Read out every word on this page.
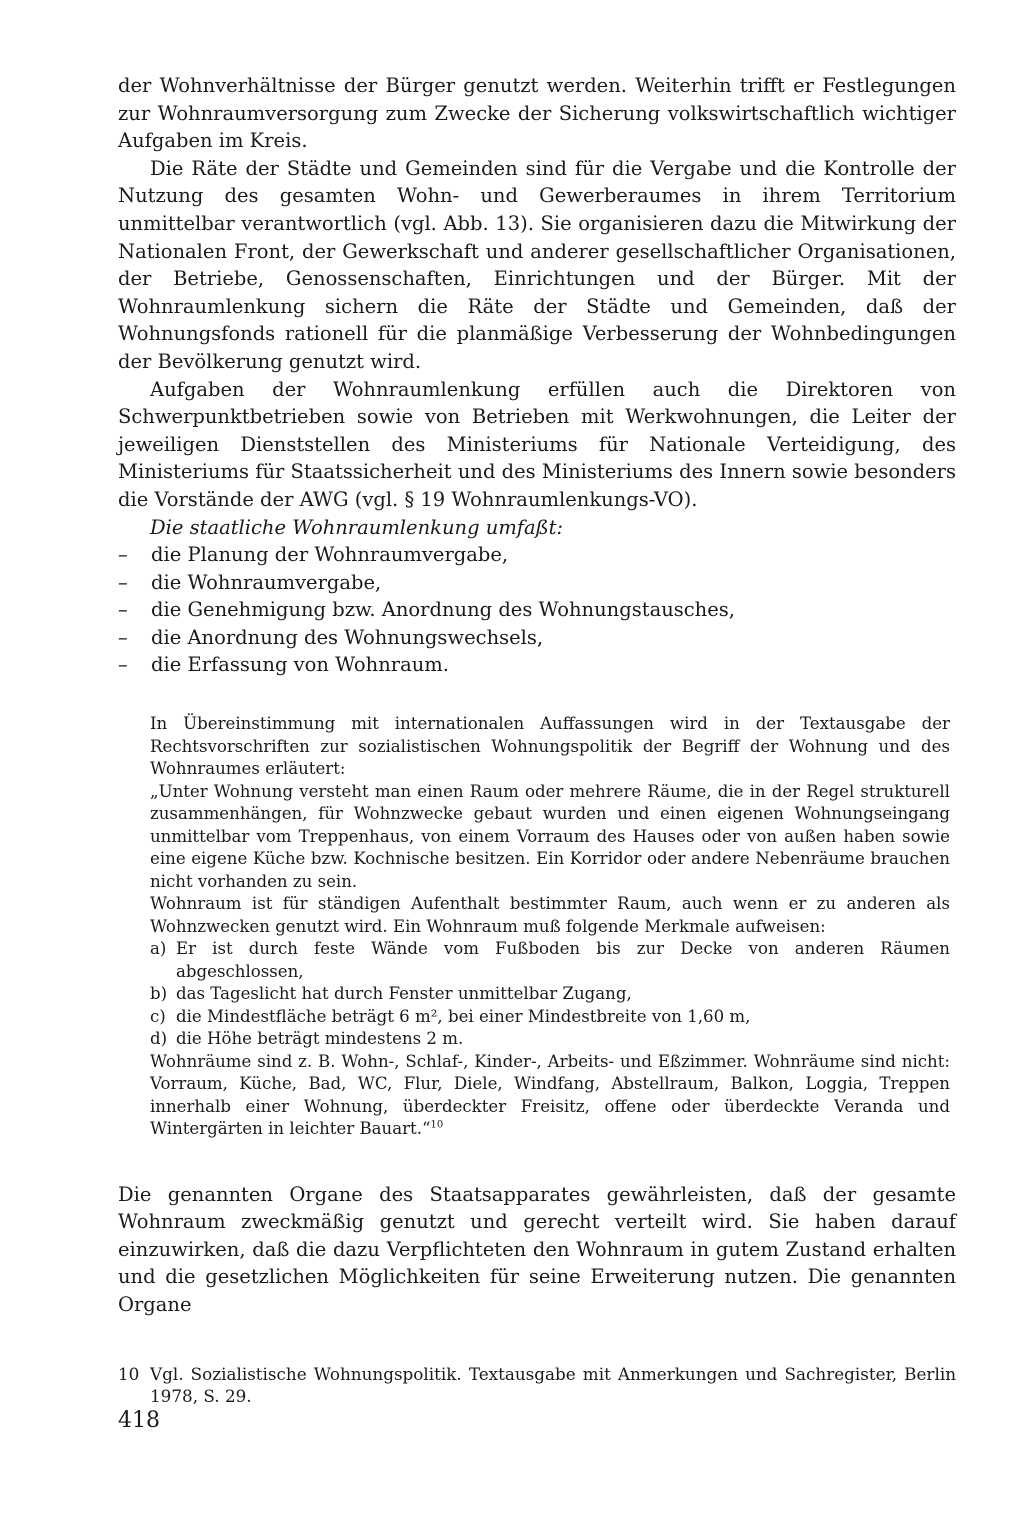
der Wohnverhältnisse der Bürger genutzt werden. Weiterhin trifft er Festlegungen zur Wohnraumversorgung zum Zwecke der Sicherung volkswirtschaftlich wichtiger Aufgaben im Kreis.

Die Räte der Städte und Gemeinden sind für die Vergabe und die Kontrolle der Nutzung des gesamten Wohn- und Gewerberaumes in ihrem Territorium unmittelbar verantwortlich (vgl. Abb. 13). Sie organisieren dazu die Mitwirkung der Nationalen Front, der Gewerkschaft und anderer gesellschaftlicher Organisationen, der Betriebe, Genossenschaften, Einrichtungen und der Bürger. Mit der Wohnraumlenkung sichern die Räte der Städte und Gemeinden, daß der Wohnungsfonds rationell für die planmäßige Verbesserung der Wohnbedingungen der Bevölkerung genutzt wird.

Aufgaben der Wohnraumlenkung erfüllen auch die Direktoren von Schwerpunktbetrieben sowie von Betrieben mit Werkwohnungen, die Leiter der jeweiligen Dienststellen des Ministeriums für Nationale Verteidigung, des Ministeriums für Staatssicherheit und des Ministeriums des Innern sowie besonders die Vorstände der AWG (vgl. § 19 Wohnraumlenkungs-VO).

Die staatliche Wohnraumlenkung umfaßt:

– die Planung der Wohnraumvergabe,
– die Wohnraumvergabe,
– die Genehmigung bzw. Anordnung des Wohnungstausches,
– die Anordnung des Wohnungswechsels,
– die Erfassung von Wohnraum.

In Übereinstimmung mit internationalen Auffassungen wird in der Textausgabe der Rechtsvorschriften zur sozialistischen Wohnungspolitik der Begriff der Wohnung und des Wohnraumes erläutert:

„Unter Wohnung versteht man einen Raum oder mehrere Räume, die in der Regel strukturell zusammenhängen, für Wohnzwecke gebaut wurden und einen eigenen Wohnungseingang unmittelbar vom Treppenhaus, von einem Vorraum des Hauses oder von außen haben sowie eine eigene Küche bzw. Kochnische besitzen. Ein Korridor oder andere Nebenräume brauchen nicht vorhanden zu sein.

Wohnraum ist für ständigen Aufenthalt bestimmter Raum, auch wenn er zu anderen als Wohnzwecken genutzt wird. Ein Wohnraum muß folgende Merkmale aufweisen:

a) Er ist durch feste Wände vom Fußboden bis zur Decke von anderen Räumen abgeschlossen,
b) das Tageslicht hat durch Fenster unmittelbar Zugang,
c) die Mindestfläche beträgt 6 m², bei einer Mindestbreite von 1,60 m,
d) die Höhe beträgt mindestens 2 m.

Wohnräume sind z. B. Wohn-, Schlaf-, Kinder-, Arbeits- und Eßzimmer. Wohnräume sind nicht: Vorraum, Küche, Bad, WC, Flur, Diele, Windfang, Abstellraum, Balkon, Loggia, Treppen innerhalb einer Wohnung, überdeckter Freisitz, offene oder überdeckte Veranda und Wintergärten in leichter Bauart.“$^{10}$

Die genannten Organe des Staatsapparates gewährleisten, daß der gesamte Wohnraum zweckmäßig genutzt und gerecht verteilt wird. Sie haben darauf einzuwirken, daß die dazu Verpflichteten den Wohnraum in gutem Zustand erhalten und die gesetzlichen Möglichkeiten für seine Erweiterung nutzen. Die genannten Organe

10 Vgl. Sozialistische Wohnungspolitik. Textausgabe mit Anmerkungen und Sachregister, Berlin 1978, S. 29.
418
